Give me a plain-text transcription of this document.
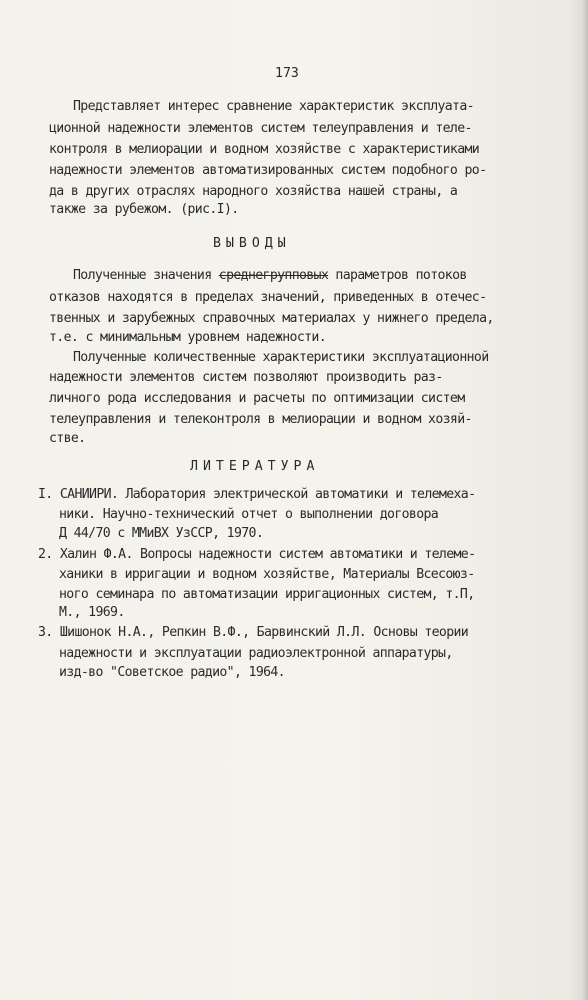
173
Представляет интерес сравнение характеристик эксплуата-
ционной надежности элементов систем телеуправления и теле-
контроля в мелиорации и водном хозяйстве с характеристиками
надежности элементов автоматизированных систем подобного ро-
да в других отраслях народного хозяйства нашей страны, а
также за рубежом. (рис.I).
ВЫВОДЫ
Полученные значения среднегрупповых параметров потоков
отказов находятся в пределах значений, приведенных в отечес-
твенных и зарубежных справочных материалах у нижнего предела,
т.е. с минимальным уровнем надежности.
Полученные количественные характеристики эксплуатационной
надежности элементов систем позволяют производить раз-
личного рода исследования и расчеты по оптимизации систем
телеуправления и телеконтроля в мелиорации и водном хозяй-
стве.
ЛИТЕРАТУРА
I. САНИИРИ. Лаборатория электрической автоматики и телемеха-
ники. Научно-технический отчет о выполнении договора
Д 44/70 с ММиВХ УзССР, 1970.
2. Халин Ф.А. Вопросы надежности систем автоматики и телеме-
ханики в ирригации и водном хозяйстве, Материалы Всесоюз-
ного семинара по автоматизации ирригационных систем, т.П,
М., 1969.
3. Шишонок Н.А., Репкин В.Ф., Барвинский Л.Л. Основы теории
надежности и эксплуатации радиоэлектронной аппаратуры,
изд-во "Советское радио", 1964.
